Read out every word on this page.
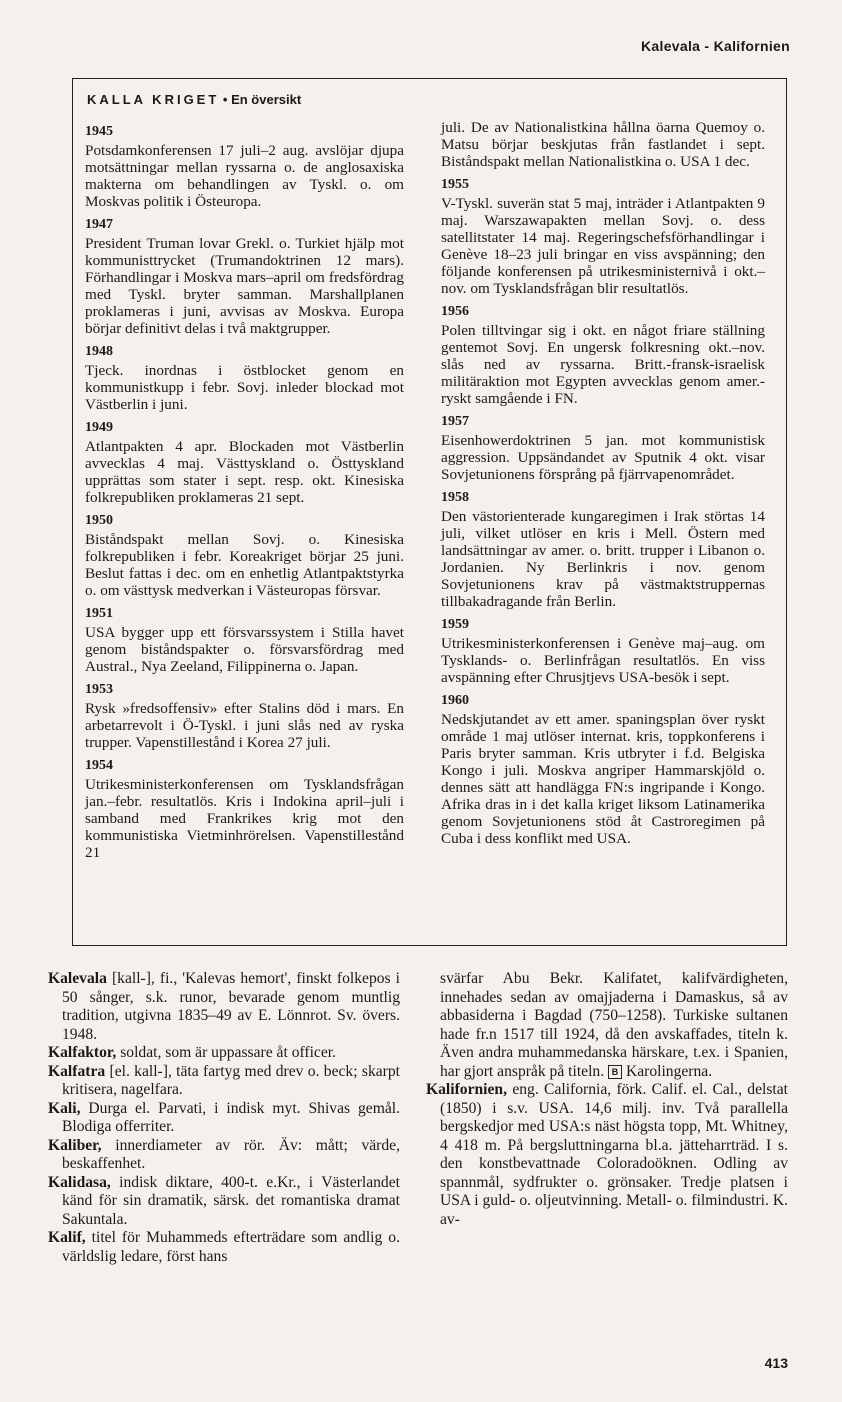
Kalevala - Kalifornien
KALLA KRIGET • En översikt
1945

Potsdamkonferensen 17 juli–2 aug. avslöjar djupa motsättningar mellan ryssarna o. de anglosaxiska makterna om behandlingen av Tyskl. o. om Moskvas politik i Östeuropa.

1947

President Truman lovar Grekl. o. Turkiet hjälp mot kommunisttrycket (Trumandoktrinen 12 mars). Förhandlingar i Moskva mars–april om fredsfördrag med Tyskl. bryter samman. Marshallplanen proklameras i juni, avvisas av Moskva. Europa börjar definitivt delas i två maktgrupper.

1948

Tjeck. inordnas i östblocket genom en kommunistkupp i febr. Sovj. inleder blockad mot Västberlin i juni.

1949

Atlantpakten 4 apr. Blockaden mot Västberlin avvecklas 4 maj. Västtyskland o. Östtyskland upprättas som stater i sept. resp. okt. Kinesiska folkrepubliken proklameras 21 sept.

1950

Biståndspakt mellan Sovj. o. Kinesiska folkrepubliken i febr. Koreakriget börjar 25 juni. Beslut fattas i dec. om en enhetlig Atlantpaktstyrka o. om västtysk medverkan i Västeuropas försvar.

1951

USA bygger upp ett försvarssystem i Stilla havet genom biståndspakter o. försvarsfördrag med Austral., Nya Zeeland, Filippinerna o. Japan.

1953

Rysk »fredsoffensiv» efter Stalins död i mars. En arbetarrevolt i Ö-Tyskl. i juni slås ned av ryska trupper. Vapenstillestånd i Korea 27 juli.

1954

Utrikesministerkonferensen om Tysklandsfrågan jan.–febr. resultatlös. Kris i Indokina april–juli i samband med Frankrikes krig mot den kommunistiska Vietminhrörelsen. Vapenstillestånd 21

juli. De av Nationalistkina hållna öarna Quemoy o. Matsu börjar beskjutas från fastlandet i sept. Biståndspakt mellan Nationalistkina o. USA 1 dec.

1955

V-Tyskl. suverän stat 5 maj, inträder i Atlantpakten 9 maj. Warszawapakten mellan Sovj. o. dess satellitstater 14 maj. Regeringschefsförhandlingar i Genève 18–23 juli bringar en viss avspänning; den följande konferensen på utrikesministernivå i okt.–nov. om Tysklandsfrågan blir resultatlös.

1956

Polen tilltvingar sig i okt. en något friare ställning gentemot Sovj. En ungersk folkresning okt.–nov. slås ned av ryssarna. Britt.-fransk-israelisk militäraktion mot Egypten avvecklas genom amer.-ryskt samgående i FN.

1957

Eisenhowerdoktrinen 5 jan. mot kommunistisk aggression. Uppsändandet av Sputnik 4 okt. visar Sovjetunionens försprång på fjärrvapenområdet.

1958

Den västorienterade kungaregimen i Irak störtas 14 juli, vilket utlöser en kris i Mell. Östern med landsättningar av amer. o. britt. trupper i Libanon o. Jordanien. Ny Berlinkris i nov. genom Sovjetunionens krav på västmaktstruppernas tillbakadragande från Berlin.

1959

Utrikesministerkonferensen i Genève maj–aug. om Tysklands- o. Berlinfrågan resultatlös. En viss avspänning efter Chrusjtjevs USA-besök i sept.

1960

Nedskjutandet av ett amer. spaningsplan över ryskt område 1 maj utlöser internat. kris, toppkonferens i Paris bryter samman. Kris utbryter i f.d. Belgiska Kongo i juli. Moskva angriper Hammarskjöld o. dennes sätt att handlägga FN:s ingripande i Kongo. Afrika dras in i det kalla kriget liksom Latinamerika genom Sovjetunionens stöd åt Castroregimen på Cuba i dess konflikt med USA.

Kalevala [kall-], fi., 'Kalevas hemort', finskt folkepos i 50 sånger, s.k. runor, bevarade genom muntlig tradition, utgivna 1835–49 av E. Lönnrot. Sv. övers. 1948.

Kalfaktor, soldat, som är uppassare åt officer.

Kalfatra [el. kall-], täta fartyg med drev o. beck; skarpt kritisera, nagelfara.

Kali, Durga el. Parvati, i indisk myt. Shivas gemål. Blodiga offerriter.

Kaliber, innerdiameter av rör. Äv: mått; värde, beskaffenhet.

Kalidasa, indisk diktare, 400-t. e.Kr., i Västerlandet känd för sin dramatik, särsk. det romantiska dramat Sakuntala.

Kalif, titel för Muhammeds efterträdare som andlig o. världslig ledare, först hans

svärfar Abu Bekr. Kalifatet, kalifvärdigheten, innehades sedan av omajjaderna i Damaskus, så av abbasiderna i Bagdad (750–1258). Turkiske sultanen hade fr.n 1517 till 1924, då den avskaffades, titeln k. Även andra muhammedanska härskare, t.ex. i Spanien, har gjort anspråk på titeln. B Karolingerna.

Kalifornien, eng. California, förk. Calif. el. Cal., delstat (1850) i s.v. USA. 14,6 milj. inv. Två parallella bergskedjor med USA:s näst högsta topp, Mt. Whitney, 4 418 m. På bergsluttningarna bl.a. jätteharrträd. I s. den konstbevattnade Coloradoöknen. Odling av spannmål, sydfrukter o. grönsaker. Tredje platsen i USA i guld- o. oljeutvinning. Metall- o. filmindustri. K. av-

413
